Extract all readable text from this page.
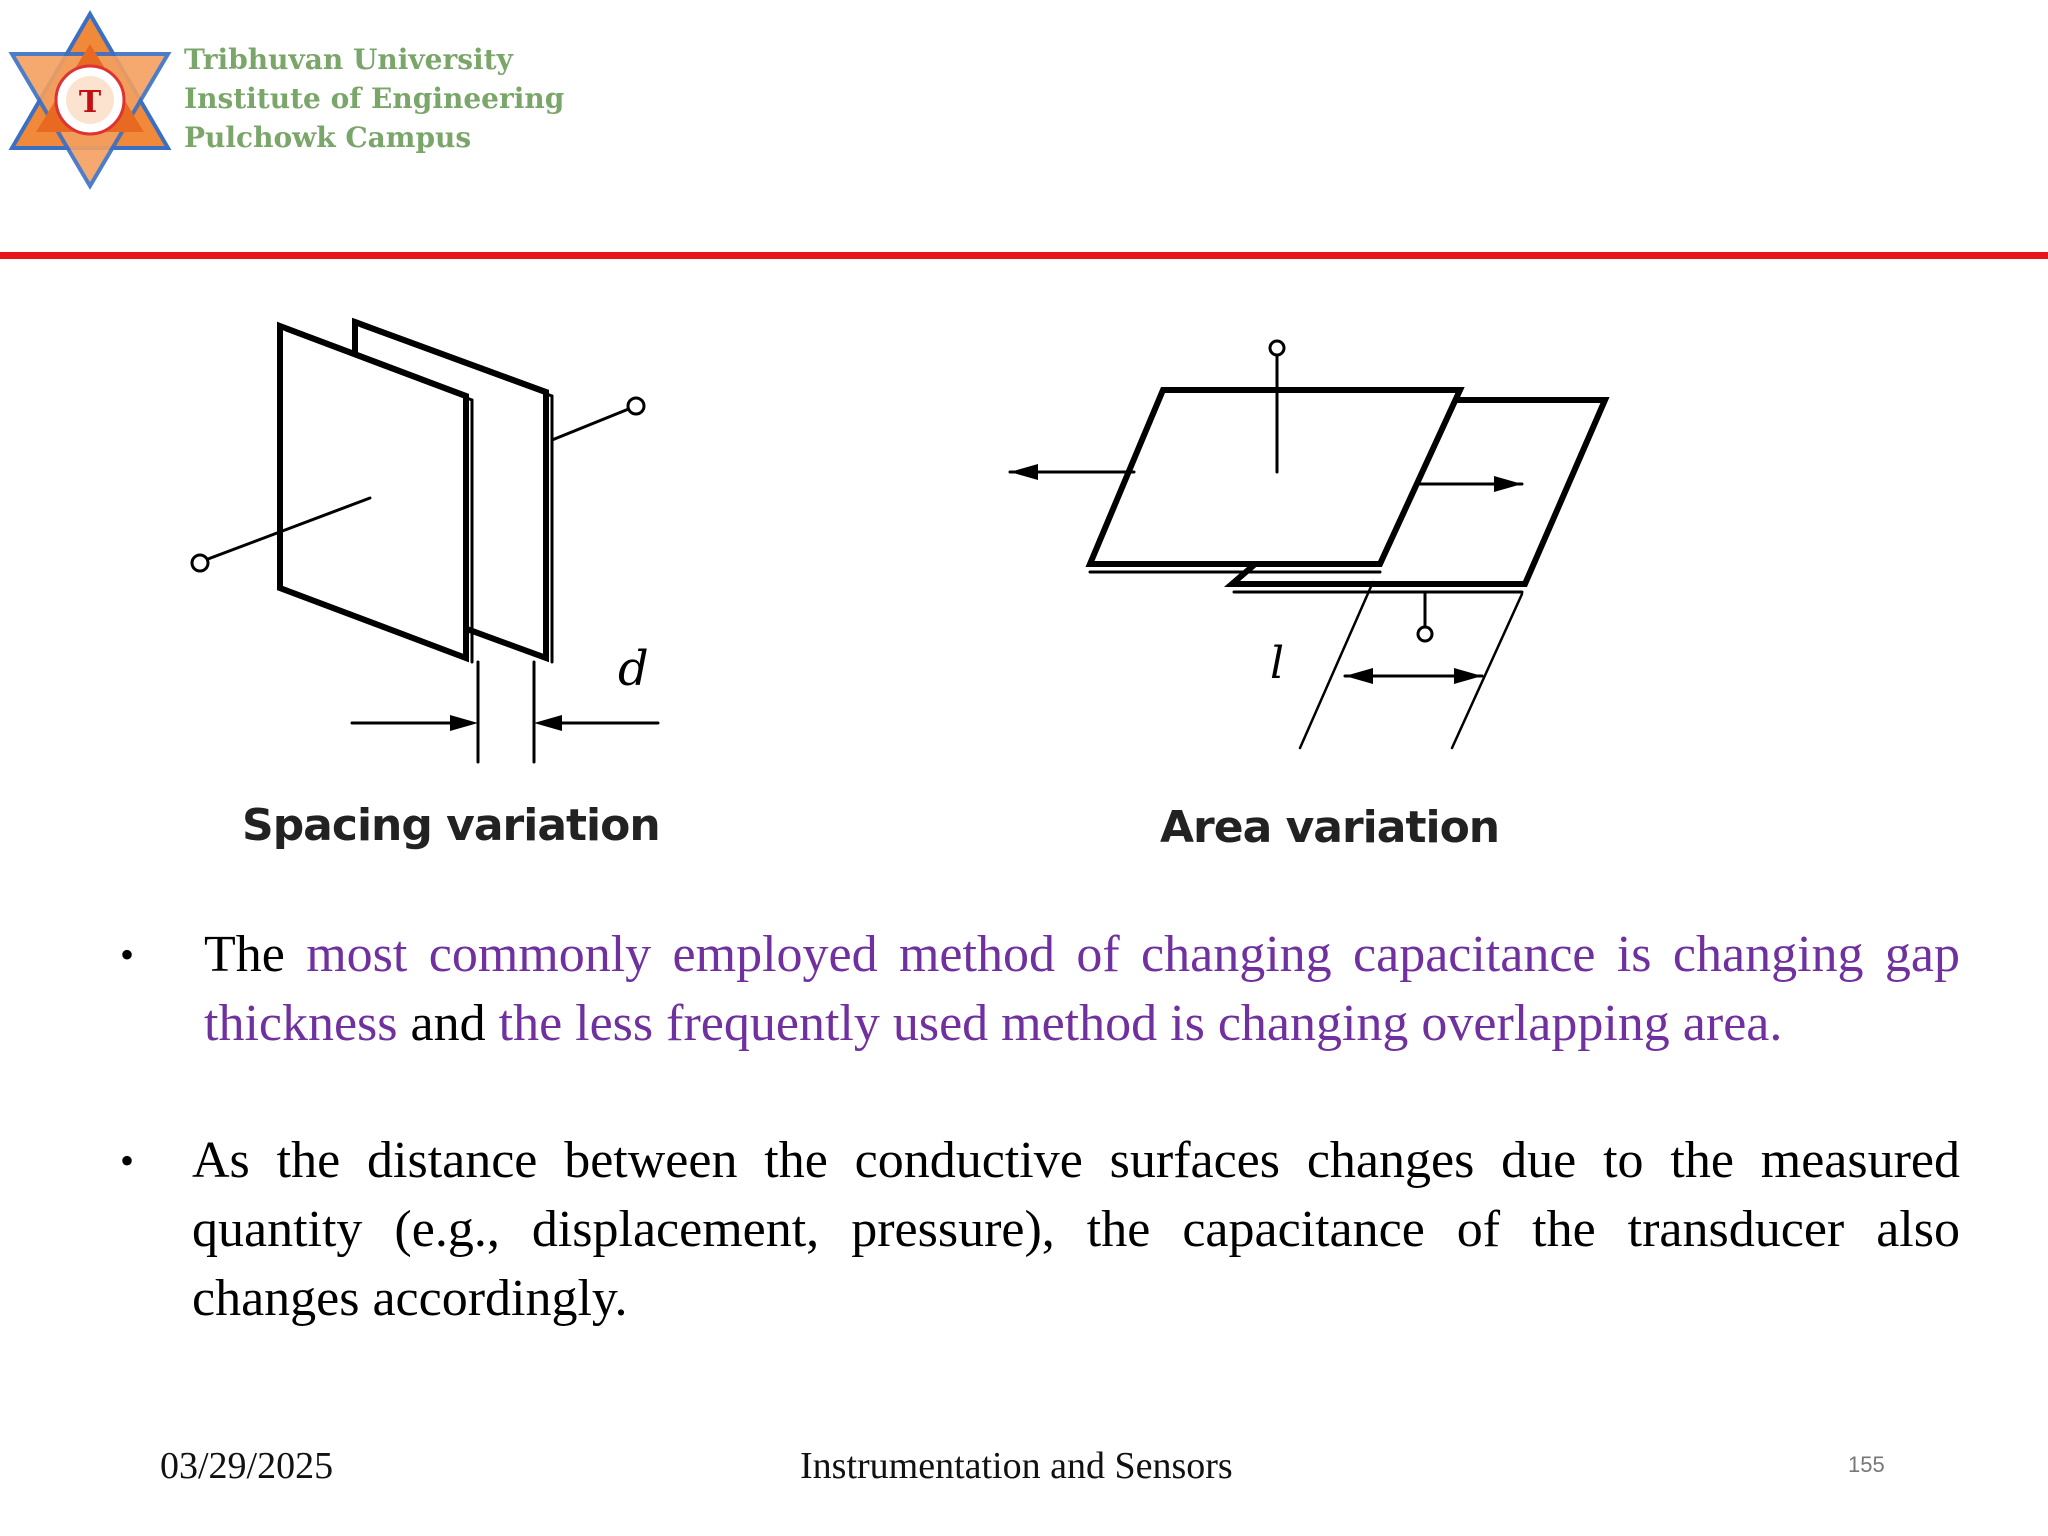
T
Tribhuvan University
Institute of Engineering
Pulchowk Campus
d	l
Spacing variation	Area variation
• The most commonly employed method of changing capacitance is changing gap thickness and the less frequently used method is changing overlapping area.
• As the distance between the conductive surfaces changes due to the measured quantity (e.g., displacement, pressure), the capacitance of the transducer also changes accordingly.
03/29/2025	Instrumentation and Sensors	155
